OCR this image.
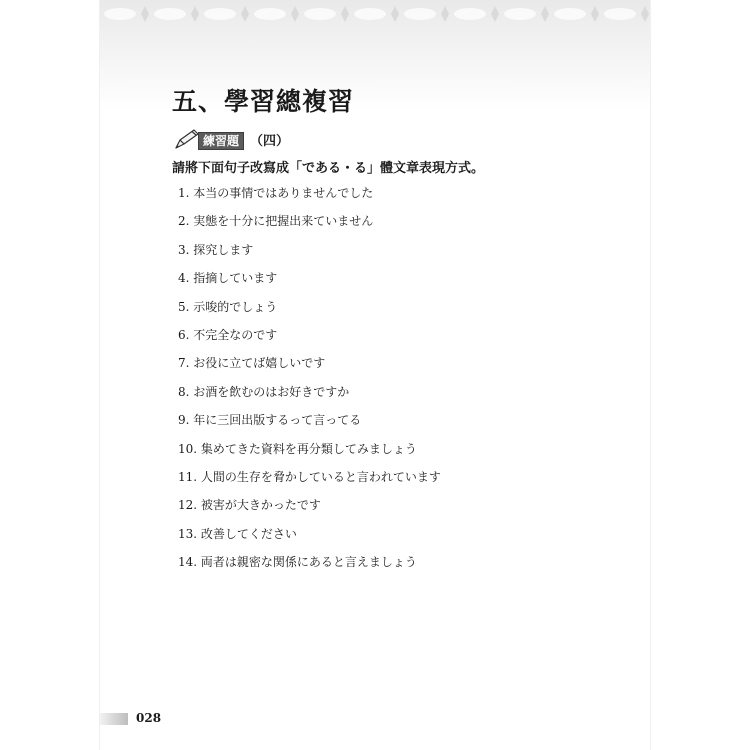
五、學習總複習
練習題 （四）
請將下面句子改寫成「である・る」體文章表現方式。
1. 本当の事情ではありませんでした
2. 実態を十分に把握出来ていません
3. 探究します
4. 指摘しています
5. 示唆的でしょう
6. 不完全なのです
7. お役に立てば嬉しいです
8. お酒を飲むのはお好きですか
9. 年に三回出版するって言ってる
10. 集めてきた資料を再分類してみましょう
11. 人間の生存を脅かしていると言われています
12. 被害が大きかったです
13. 改善してください
14. 両者は親密な関係にあると言えましょう
028
